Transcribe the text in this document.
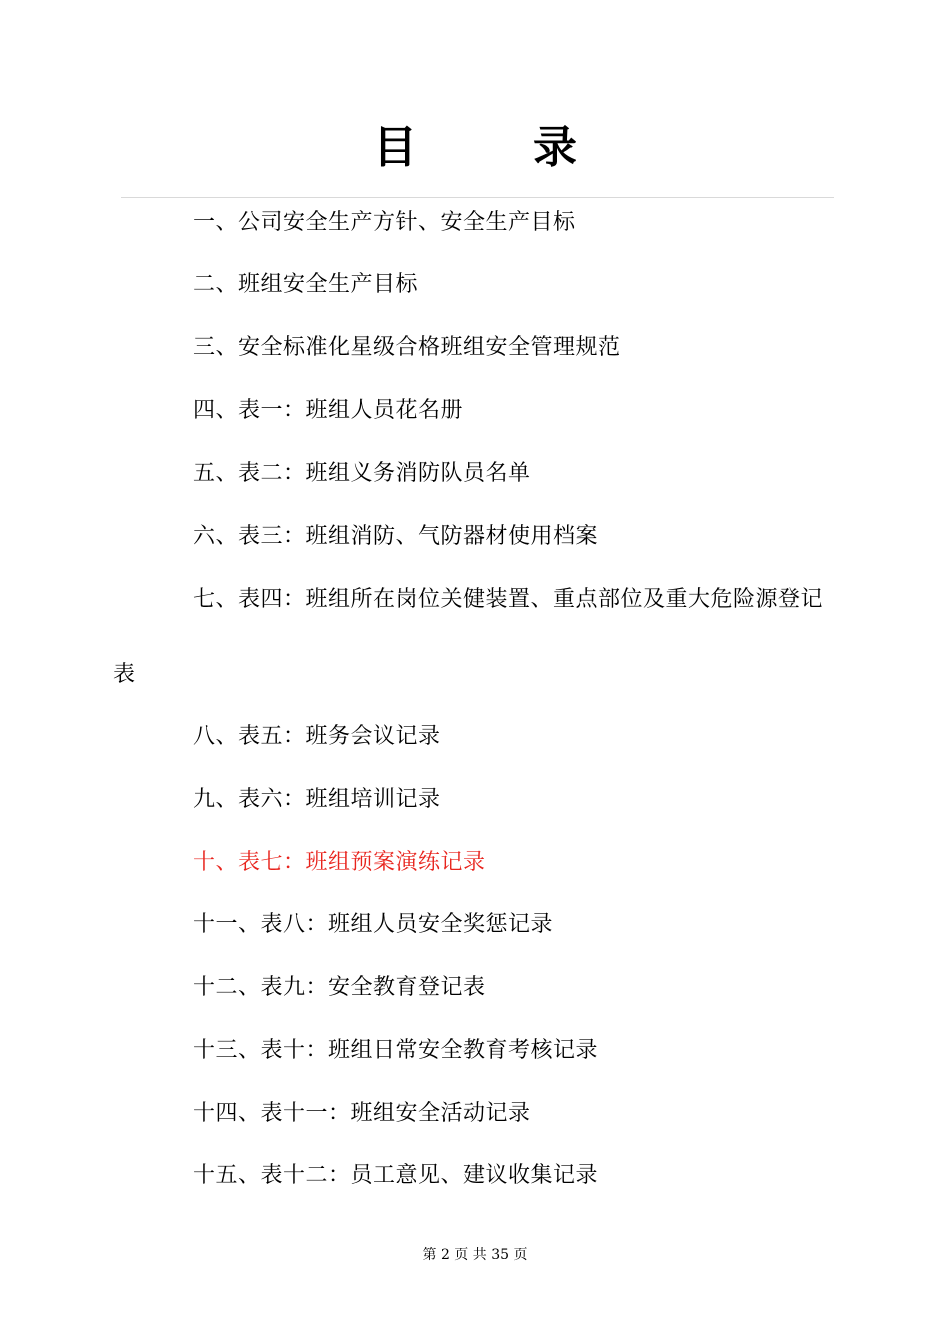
目　录
一、公司安全生产方针、安全生产目标
二、班组安全生产目标
三、安全标准化星级合格班组安全管理规范
四、表一：班组人员花名册
五、表二：班组义务消防队员名单
六、表三：班组消防、气防器材使用档案
七、表四：班组所在岗位关健装置、重点部位及重大危险源登记
表
八、表五：班务会议记录
九、表六：班组培训记录
十、表七：班组预案演练记录
十一、表八：班组人员安全奖惩记录
十二、表九：安全教育登记表
十三、表十：班组日常安全教育考核记录
十四、表十一：班组安全活动记录
十五、表十二：员工意见、建议收集记录
第 2 页 共 35 页
